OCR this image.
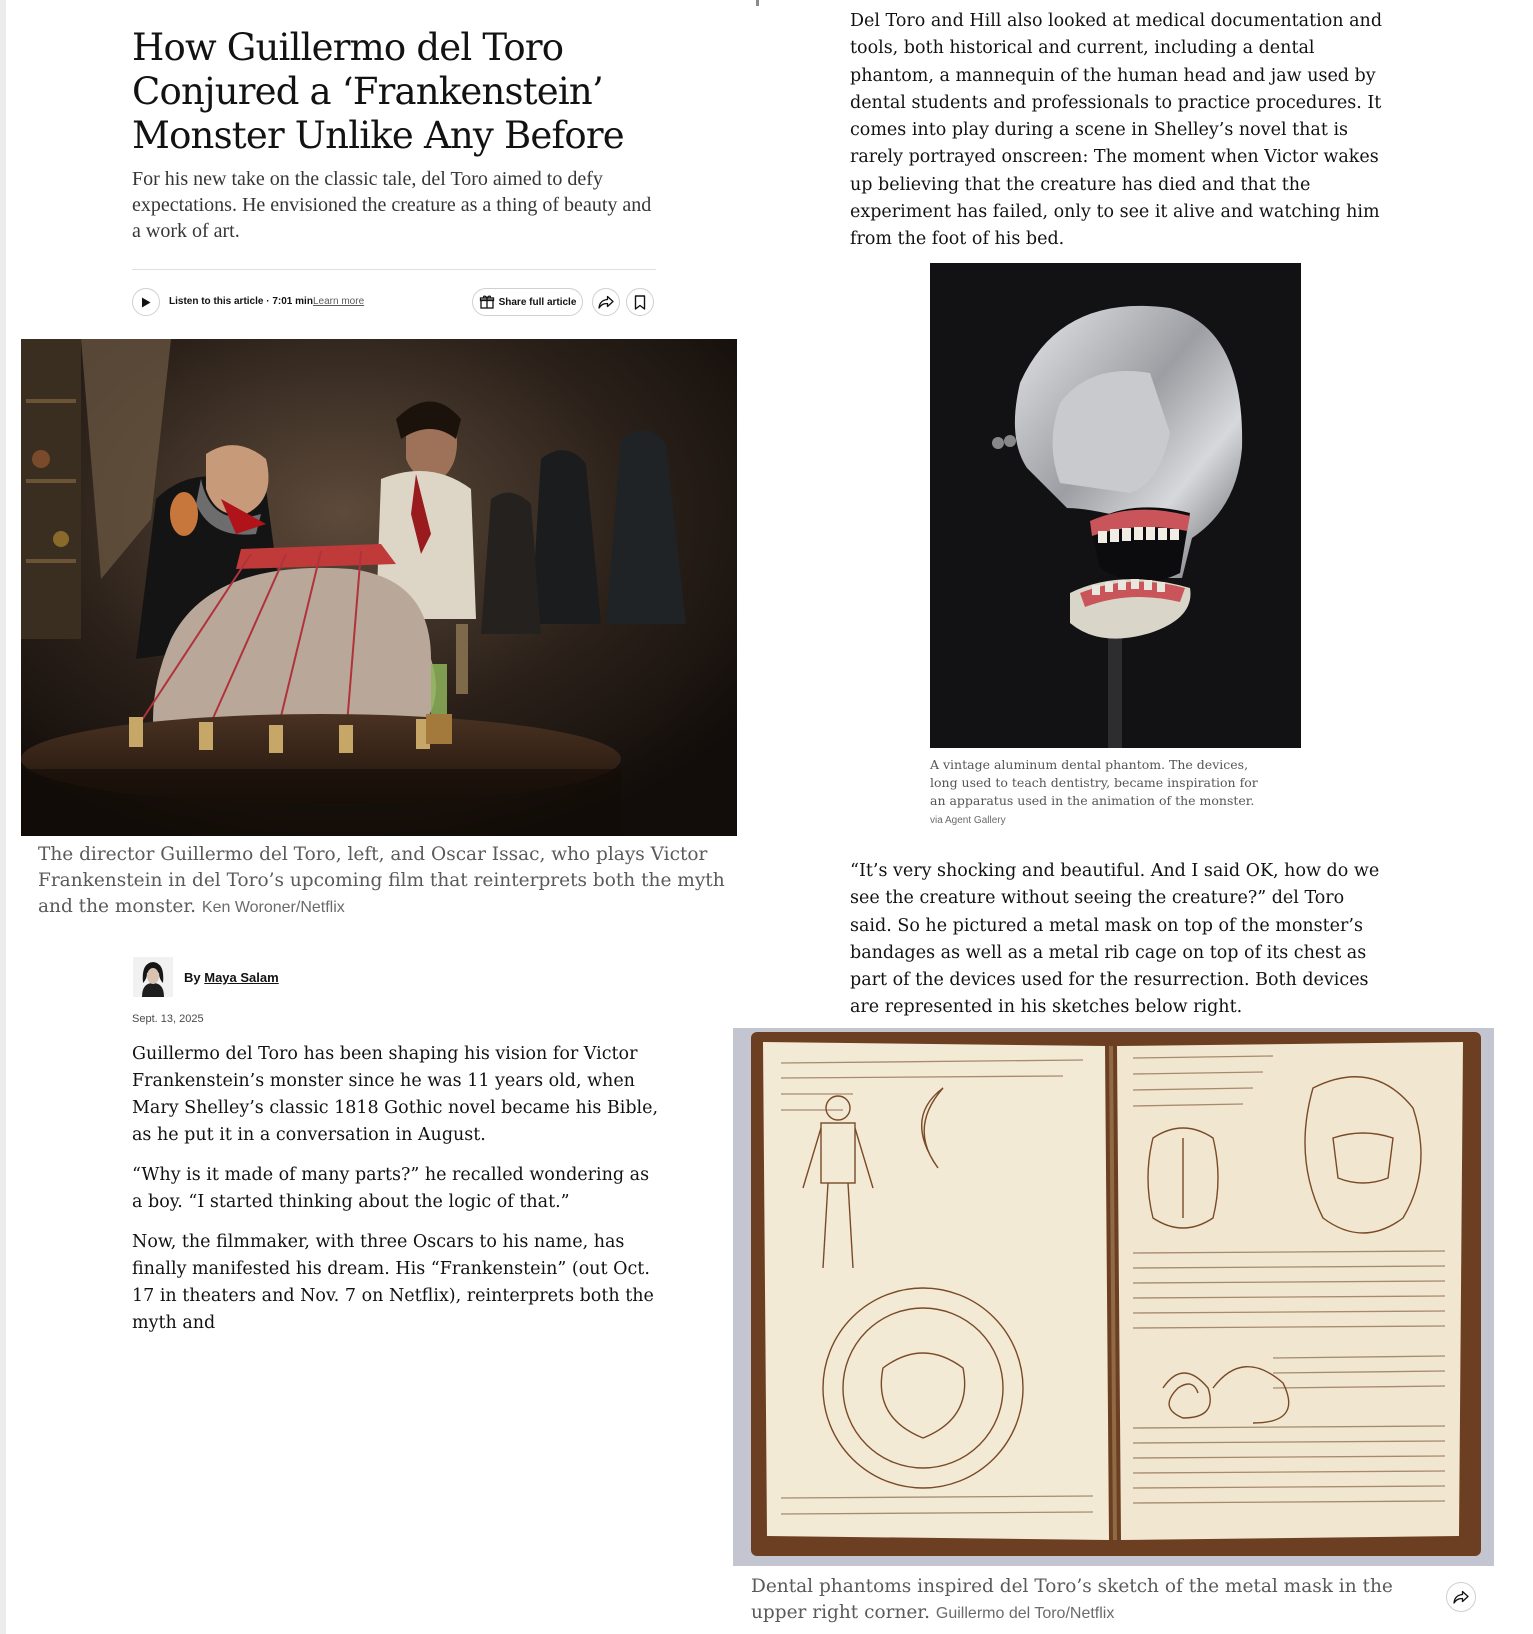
How Guillermo del Toro Conjured a ‘Frankenstein’ Monster Unlike Any Before

For his new take on the classic tale, del Toro aimed to defy expectations. He envisioned the creature as a thing of beauty and a work of art.

Listen to this article · 7:01 min Learn more	Share full article

The director Guillermo del Toro, left, and Oscar Issac, who plays Victor Frankenstein in del Toro’s upcoming film that reinterprets both the myth and the monster. Ken Woroner/Netflix

By Maya Salam
Sept. 13, 2025

Guillermo del Toro has been shaping his vision for Victor Frankenstein’s monster since he was 11 years old, when Mary Shelley’s classic 1818 Gothic novel became his Bible, as he put it in a conversation in August.

“Why is it made of many parts?” he recalled wondering as a boy. “I started thinking about the logic of that.”

Now, the filmmaker, with three Oscars to his name, has finally manifested his dream. His “Frankenstein” (out Oct. 17 in theaters and Nov. 7 on Netflix), reinterprets both the myth and

Del Toro and Hill also looked at medical documentation and tools, both historical and current, including a dental phantom, a mannequin of the human head and jaw used by dental students and professionals to practice procedures. It comes into play during a scene in Shelley’s novel that is rarely portrayed onscreen: The moment when Victor wakes up believing that the creature has died and that the experiment has failed, only to see it alive and watching him from the foot of his bed.

A vintage aluminum dental phantom. The devices, long used to teach dentistry, became inspiration for an apparatus used in the animation of the monster. via Agent Gallery

“It’s very shocking and beautiful. And I said OK, how do we see the creature without seeing the creature?” del Toro said. So he pictured a metal mask on top of the monster’s bandages as well as a metal rib cage on top of its chest as part of the devices used for the resurrection. Both devices are represented in his sketches below right.

Dental phantoms inspired del Toro’s sketch of the metal mask in the upper right corner. Guillermo del Toro/Netflix
